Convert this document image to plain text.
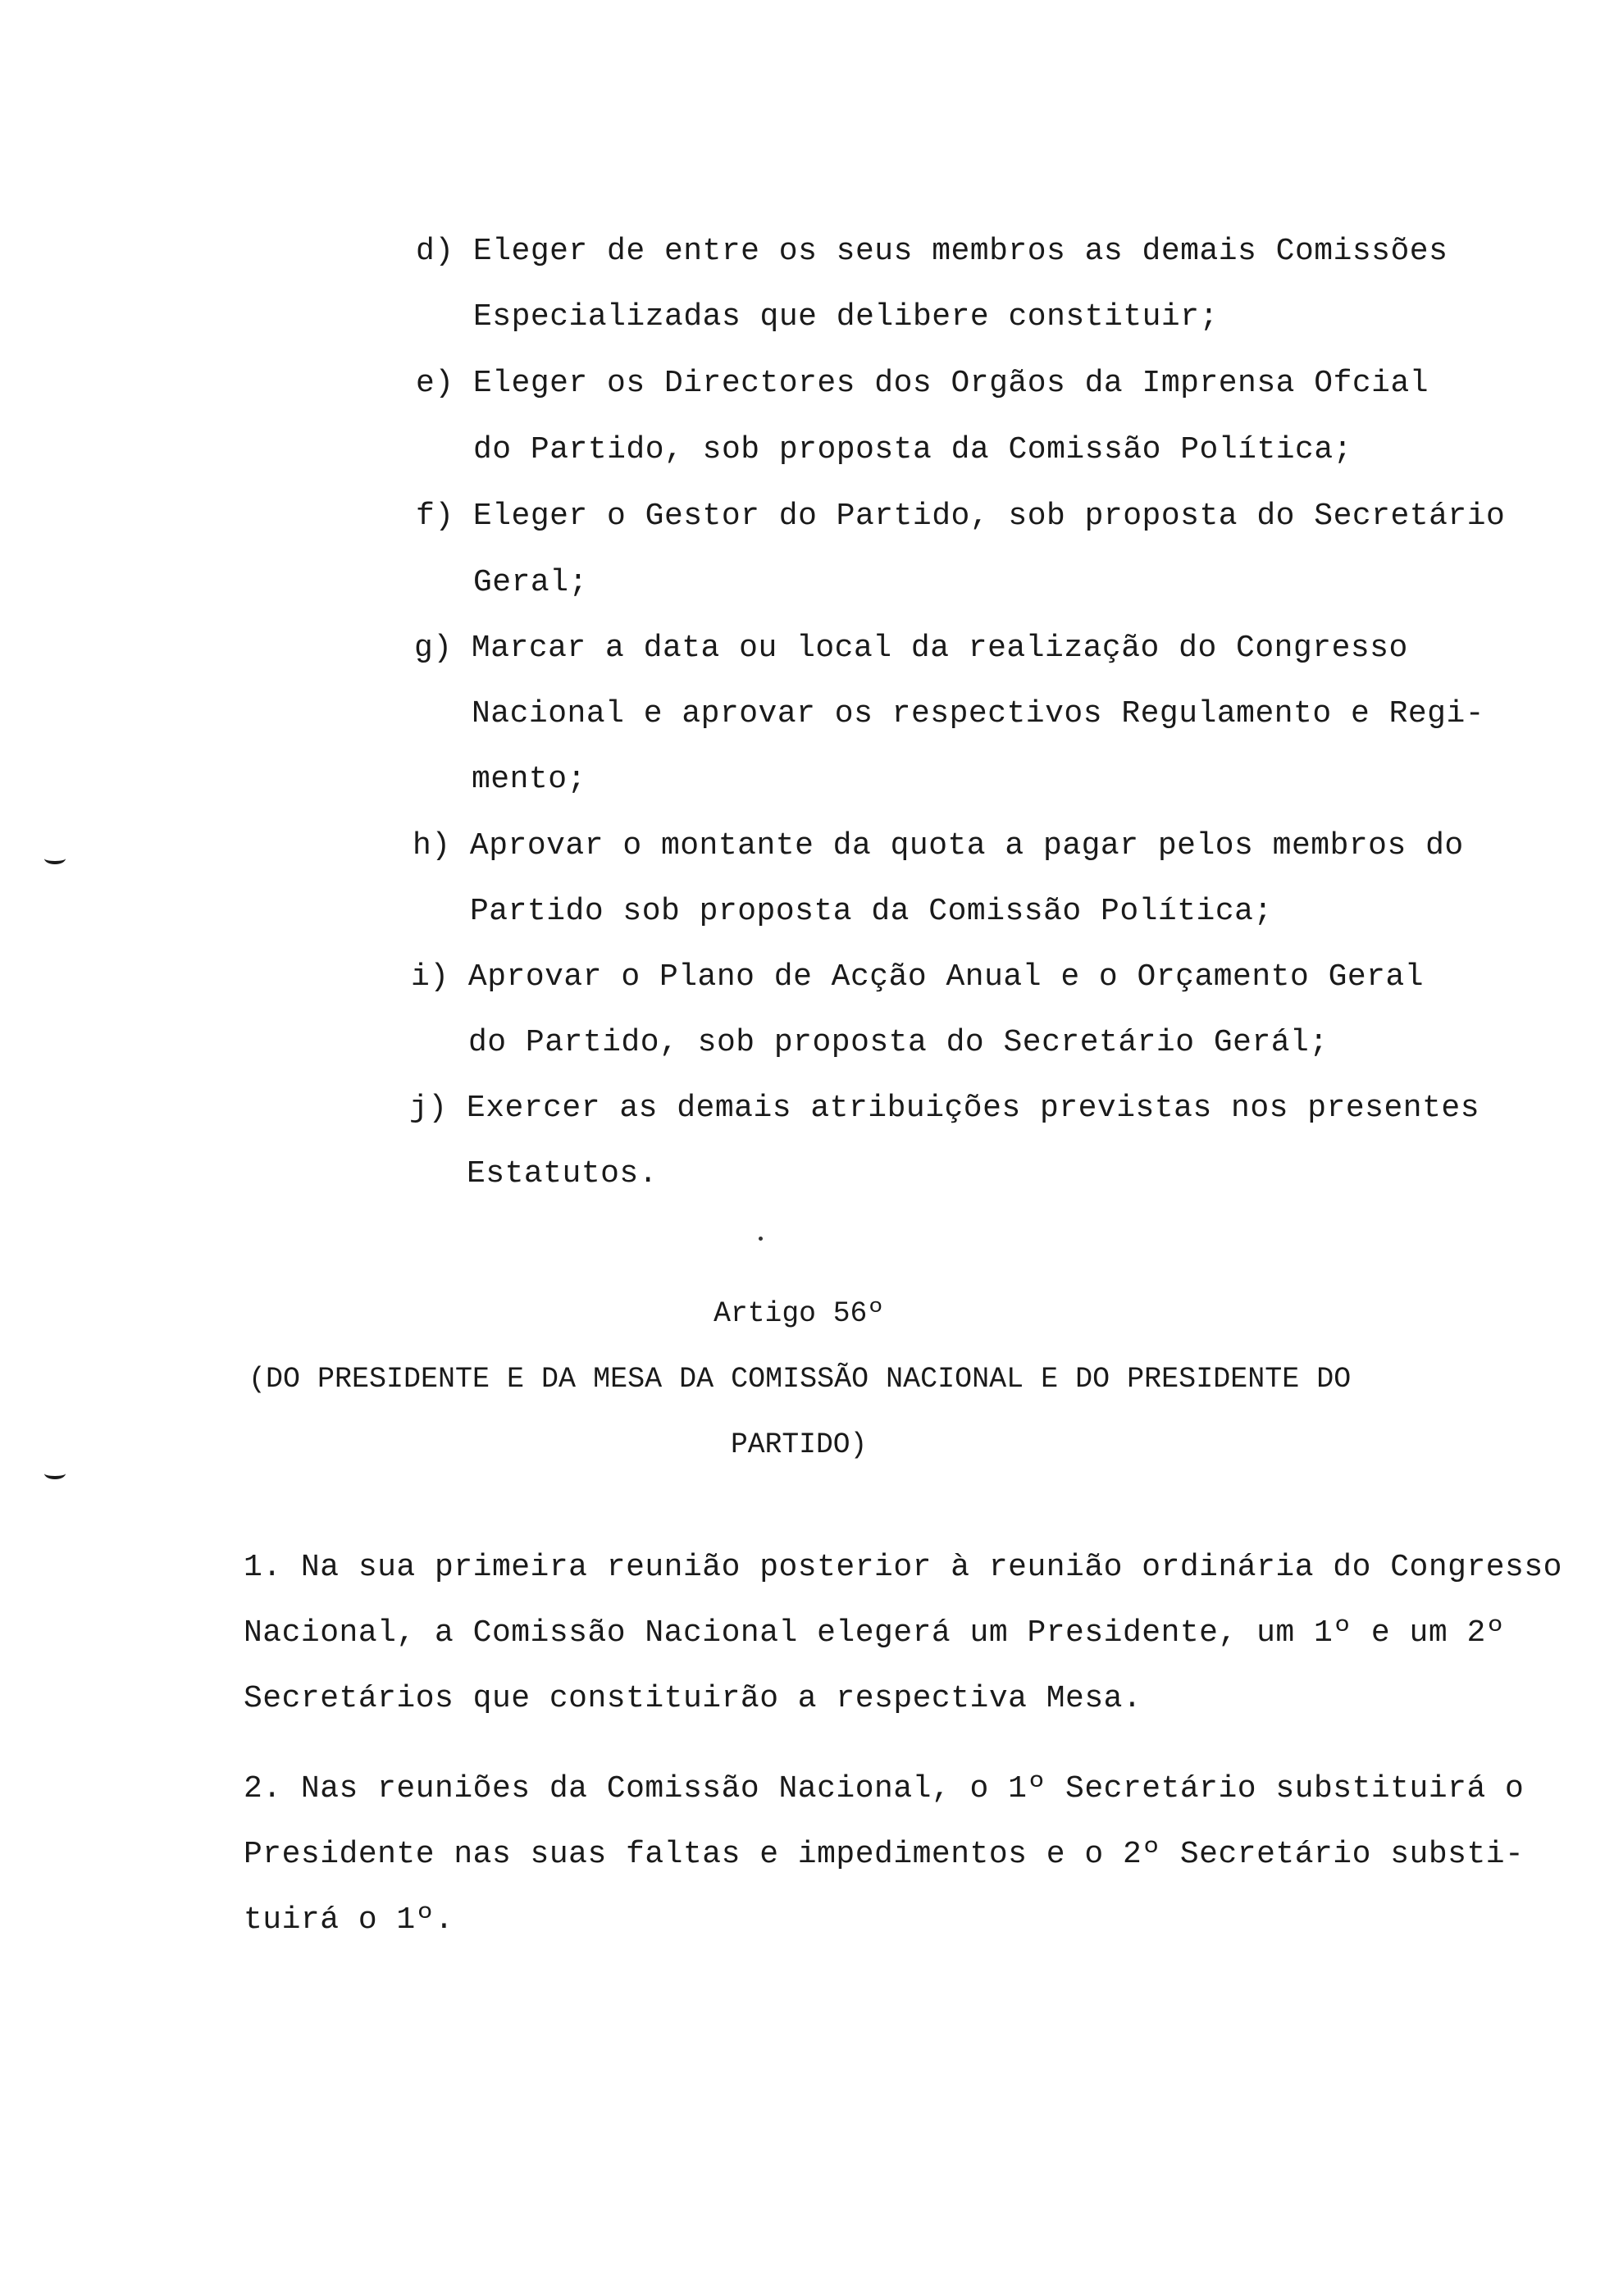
d) Eleger de entre os seus membros as demais Comissões
Especializadas que delibere constituir;
e) Eleger os Directores dos Orgãos da Imprensa Ofcial
do Partido, sob proposta da Comissão Política;
f) Eleger o Gestor do Partido, sob proposta do Secretário
Geral;
g) Marcar a data ou local da realização do Congresso
Nacional e aprovar os respectivos Regulamento e Regi-
mento;
h) Aprovar o montante da quota a pagar pelos membros do
Partido sob proposta da Comissão Política;
i) Aprovar o Plano de Acção Anual e o Orçamento Geral
do Partido, sob proposta do Secretário Gerál;
j) Exercer as demais atribuições previstas nos presentes
Estatutos.
Artigo 56º
(DO PRESIDENTE E DA MESA DA COMISSÃO NACIONAL E DO PRESIDENTE DO
PARTIDO)
1. Na sua primeira reunião posterior à reunião ordinária do Congresso
Nacional, a Comissão Nacional elegerá um Presidente, um 1º e um 2º
Secretários que constituirão a respectiva Mesa.
2. Nas reuniões da Comissão Nacional, o 1º Secretário substituirá o
Presidente nas suas faltas e impedimentos e o 2º Secretário substi-
tuirá o 1º.
